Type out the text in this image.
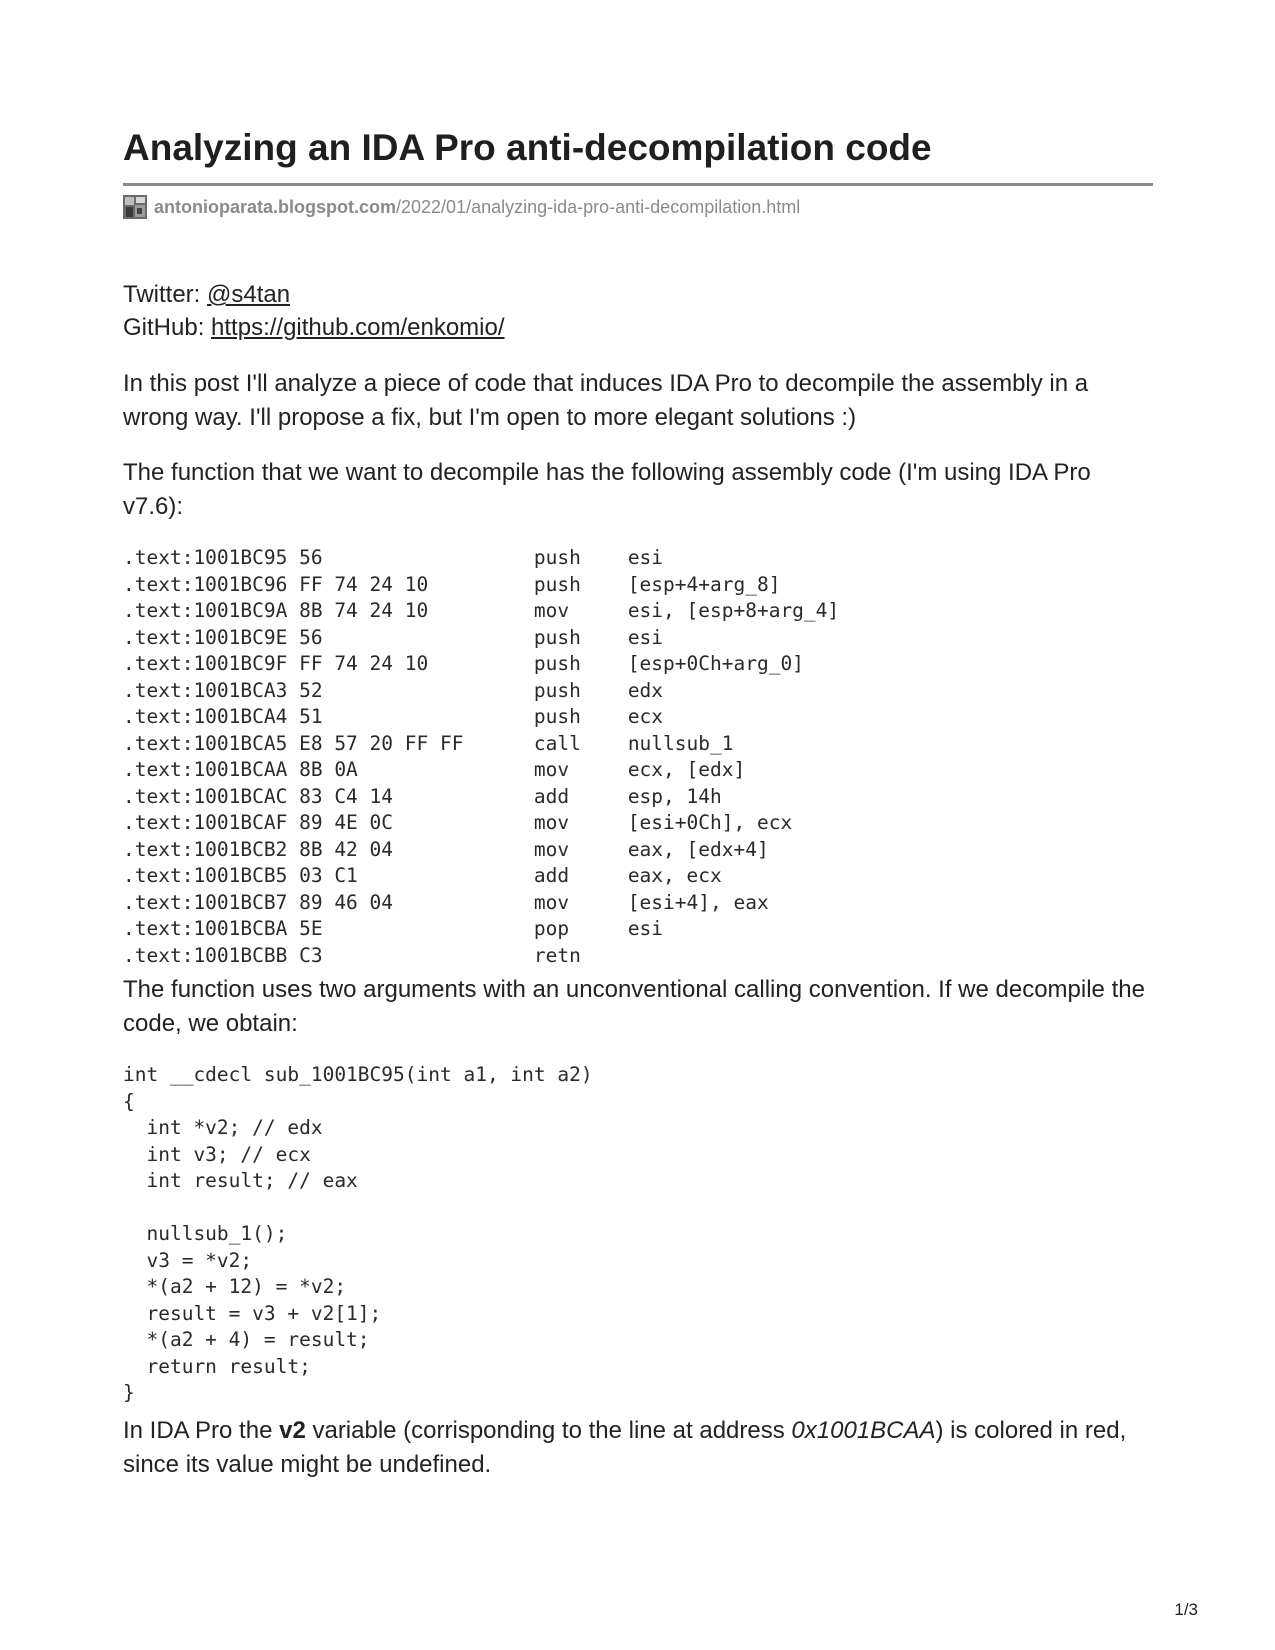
Analyzing an IDA Pro anti-decompilation code
antonioparata.blogspot.com /2022/01/analyzing-ida-pro-anti-decompilation.html

Twitter: @s4tan

GitHub: https://github.com/enkomio/

In this post I'll analyze a piece of code that induces IDA Pro to decompile the assembly in a wrong way. I'll propose a fix, but I'm open to more elegant solutions :)

The function that we want to decompile has the following assembly code (I'm using IDA Pro v7.6):

.text:1001BC95 56                  push    esi
.text:1001BC96 FF 74 24 10         push    [esp+4+arg_8]
.text:1001BC9A 8B 74 24 10         mov     esi, [esp+8+arg_4]
.text:1001BC9E 56                  push    esi
.text:1001BC9F FF 74 24 10         push    [esp+0Ch+arg_0]
.text:1001BCA3 52                  push    edx
.text:1001BCA4 51                  push    ecx
.text:1001BCA5 E8 57 20 FF FF      call    nullsub_1
.text:1001BCAA 8B 0A               mov     ecx, [edx]
.text:1001BCAC 83 C4 14            add     esp, 14h
.text:1001BCAF 89 4E 0C            mov     [esi+0Ch], ecx
.text:1001BCB2 8B 42 04            mov     eax, [edx+4]
.text:1001BCB5 03 C1               add     eax, ecx
.text:1001BCB7 89 46 04            mov     [esi+4], eax
.text:1001BCBA 5E                  pop     esi
.text:1001BCBB C3                  retn

The function uses two arguments with an unconventional calling convention. If we decompile the code, we obtain:

int __cdecl sub_1001BC95(int a1, int a2)
{
int *v2; // edx
int v3; // ecx
int result; // eax

nullsub_1();
v3 = *v2;
*(a2 + 12) = *v2;
result = v3 + v2[1];
*(a2 + 4) = result;
return result;
}

In IDA Pro the v2 variable (corrisponding to the line at address 0x1001BCAA) is colored in red, since its value might be undefined.

1/3
